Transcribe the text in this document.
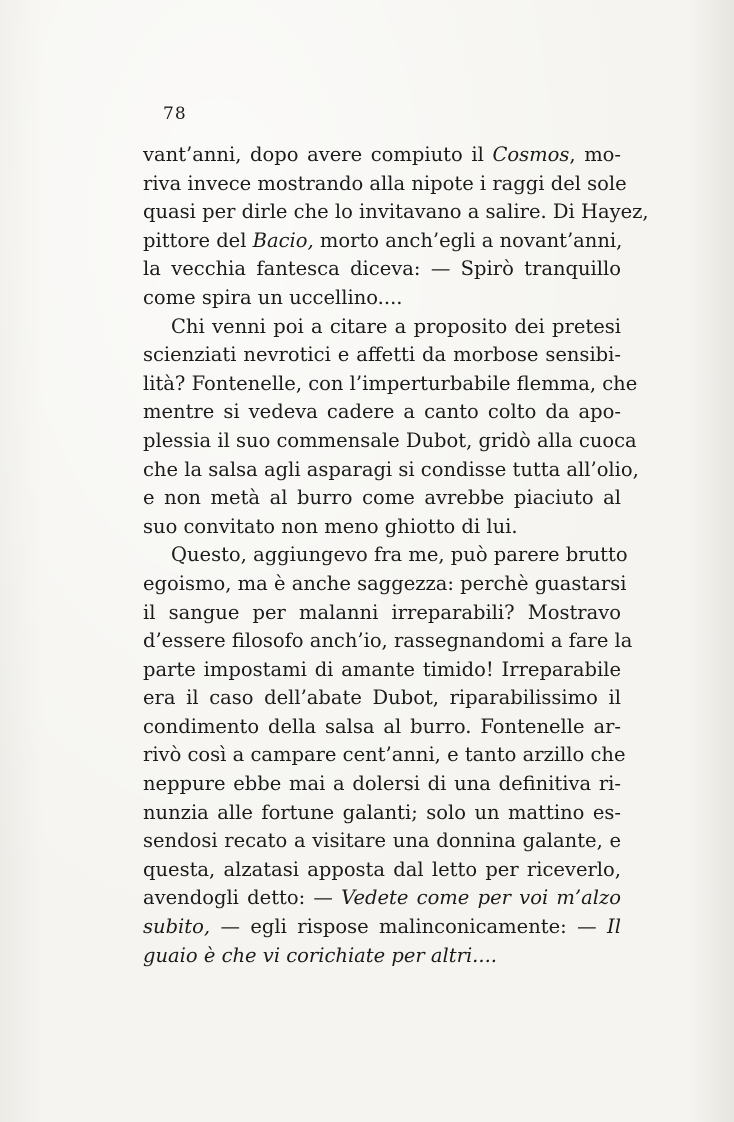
78
vant’anni, dopo avere compiuto il Cosmos, mo-
riva invece mostrando alla nipote i raggi del sole
quasi per dirle che lo invitavano a salire. Di Hayez,
pittore del Bacio, morto anch’egli a novant’anni,
la vecchia fantesca diceva: — Spirò tranquillo
come spira un uccellino....
Chi venni poi a citare a proposito dei pretesi
scienziati nevrotici e affetti da morbose sensibi-
lità? Fontenelle, con l’imperturbabile flemma, che
mentre si vedeva cadere a canto colto da apo-
plessia il suo commensale Dubot, gridò alla cuoca
che la salsa agli asparagi si condisse tutta all’olio,
e non metà al burro come avrebbe piaciuto al
suo convitato non meno ghiotto di lui.
Questo, aggiungevo fra me, può parere brutto
egoismo, ma è anche saggezza: perchè guastarsi
il sangue per malanni irreparabili? Mostravo
d’essere filosofo anch’io, rassegnandomi a fare la
parte impostami di amante timido! Irreparabile
era il caso dell’abate Dubot, riparabilissimo il
condimento della salsa al burro. Fontenelle ar-
rivò così a campare cent’anni, e tanto arzillo che
neppure ebbe mai a dolersi di una definitiva ri-
nunzia alle fortune galanti; solo un mattino es-
sendosi recato a visitare una donnina galante, e
questa, alzatasi apposta dal letto per riceverlo,
avendogli detto: — Vedete come per voi m’alzo
subito, — egli rispose malinconicamente: — Il
guaio è che vi corichiate per altri....
